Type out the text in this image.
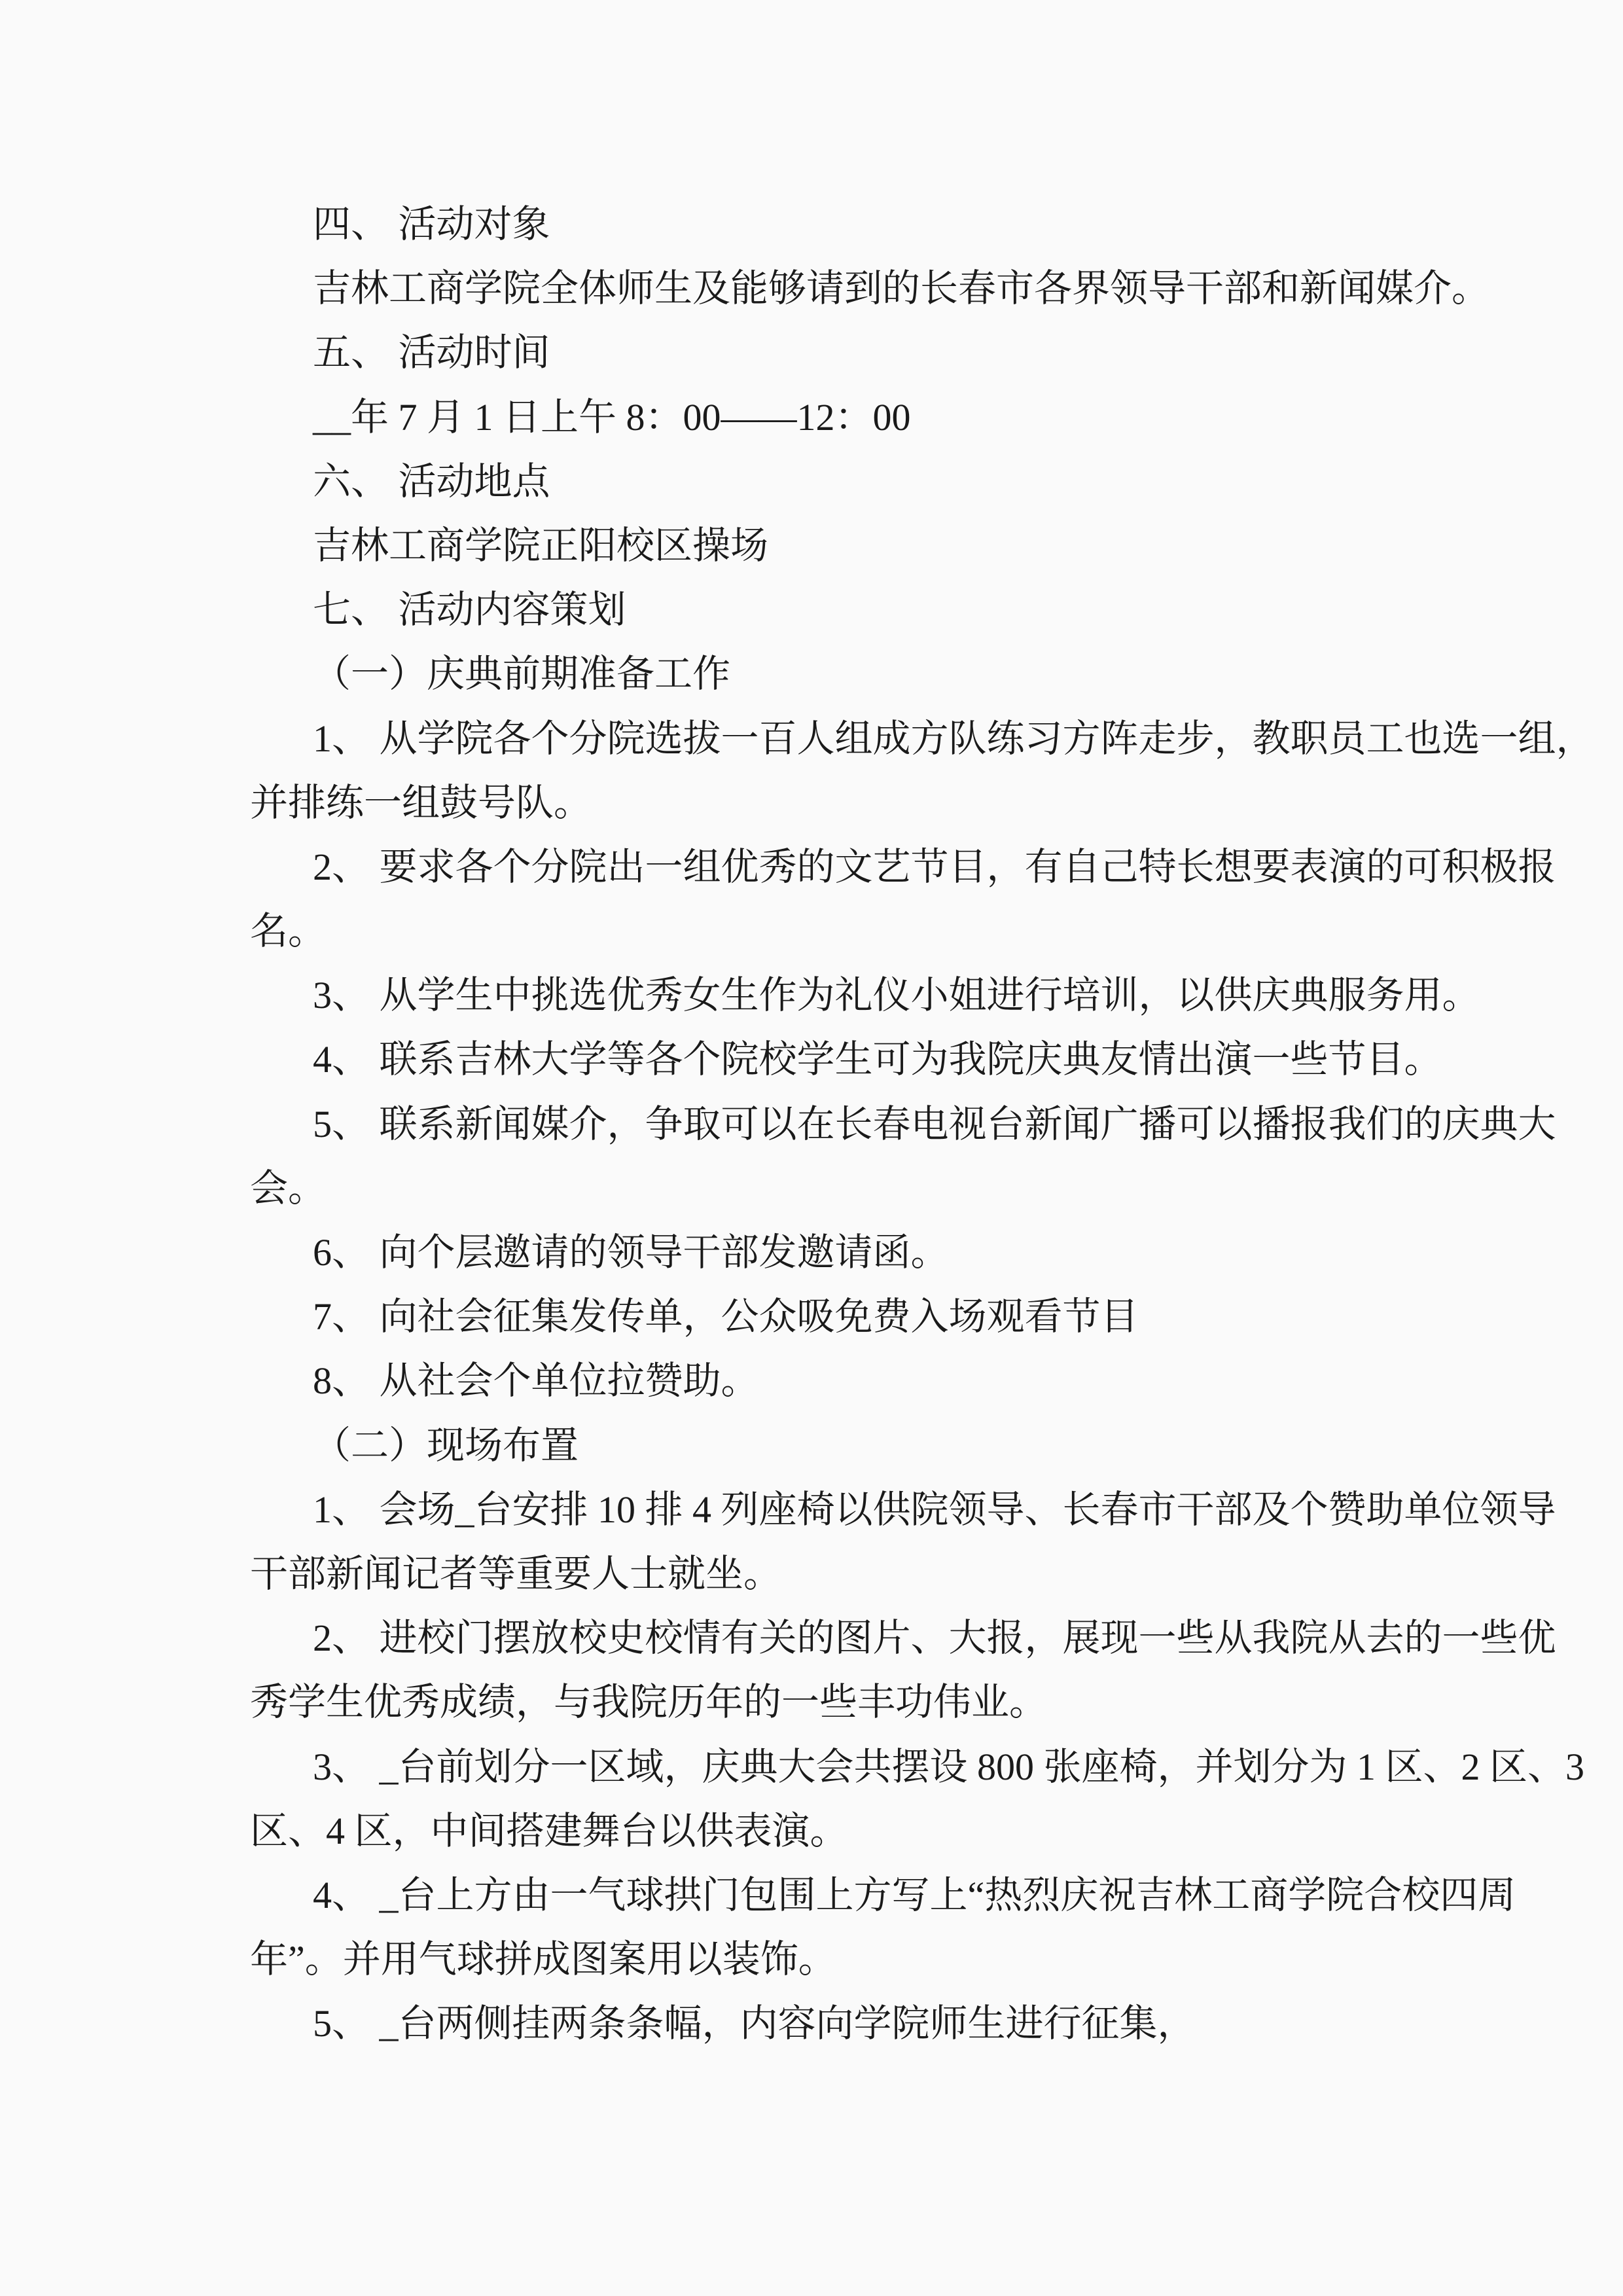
四、 活动对象
吉林工商学院全体师生及能够请到的长春市各界领导干部和新闻媒介。
五、 活动时间
__年 7 月 1 日上午 8：00——12：00
六、 活动地点
吉林工商学院正阳校区操场
七、 活动内容策划
（一）庆典前期准备工作
1、 从学院各个分院选拔一百人组成方队练习方阵走步，教职员工也选一组，
并排练一组鼓号队。
2、 要求各个分院出一组优秀的文艺节目，有自己特长想要表演的可积极报
名。
3、 从学生中挑选优秀女生作为礼仪小姐进行培训，以供庆典服务用。
4、 联系吉林大学等各个院校学生可为我院庆典友情出演一些节目。
5、 联系新闻媒介，争取可以在长春电视台新闻广播可以播报我们的庆典大
会。
6、 向个层邀请的领导干部发邀请函。
7、 向社会征集发传单，公众吸免费入场观看节目
8、 从社会个单位拉赞助。
（二）现场布置
1、 会场_台安排 10 排 4 列座椅以供院领导、长春市干部及个赞助单位领导
干部新闻记者等重要人士就坐。
2、 进校门摆放校史校情有关的图片、大报，展现一些从我院从去的一些优
秀学生优秀成绩，与我院历年的一些丰功伟业。
3、 _台前划分一区域，庆典大会共摆设 800 张座椅，并划分为 1 区、2 区、3
区、4 区，中间搭建舞台以供表演。
4、 _台上方由一气球拱门包围上方写上“热烈庆祝吉林工商学院合校四周
年”。并用气球拼成图案用以装饰。
5、 _台两侧挂两条条幅，内容向学院师生进行征集，
